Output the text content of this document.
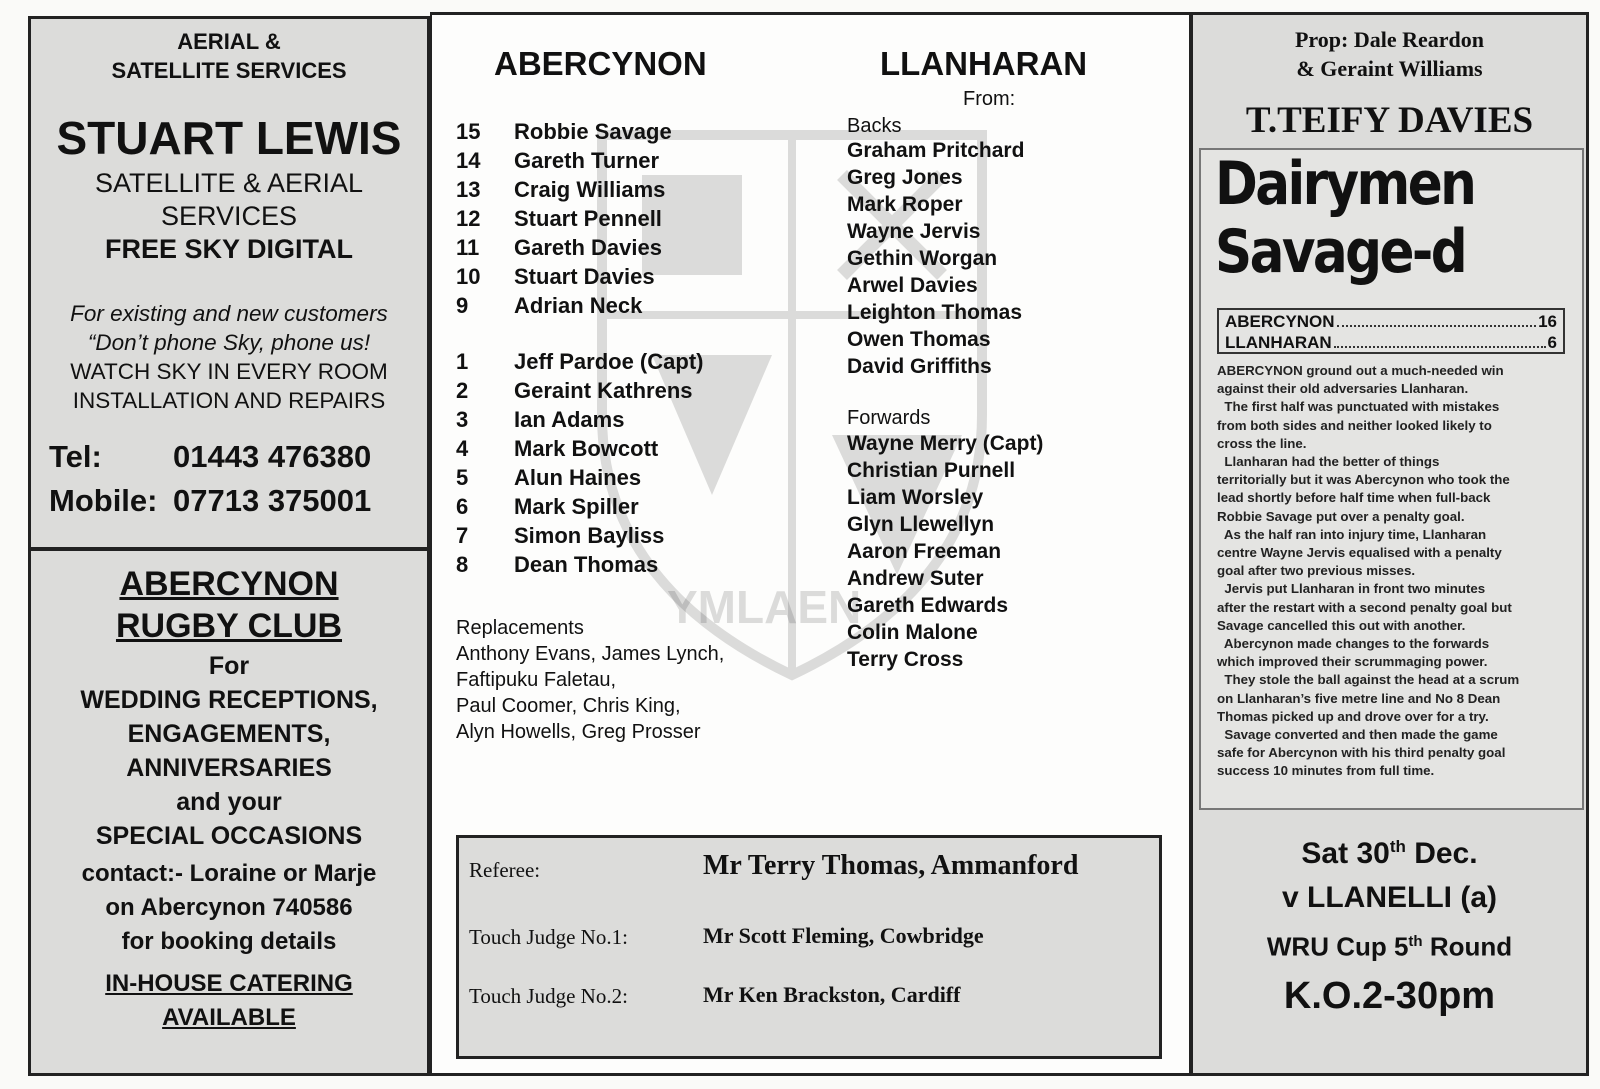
AERIAL &
SATELLITE SERVICES
STUART LEWIS
SATELLITE & AERIAL
SERVICES
FREE SKY DIGITAL
For existing and new customers
“Don’t phone Sky, phone us!
WATCH SKY IN EVERY ROOM
INSTALLATION AND REPAIRS
Tel: 01443 476380
Mobile: 07713 375001
ABERCYNON
RUGBY CLUB
For
WEDDING RECEPTIONS,
ENGAGEMENTS,
ANNIVERSARIES
and your
SPECIAL OCCASIONS
contact:- Loraine or Marje
on Abercynon 740586
for booking details
IN-HOUSE CATERING
AVAILABLE
YMLAEN
ABERCYNON	LLANHARAN
From:
15 Robbie Savage
14 Gareth Turner
13 Craig Williams
12 Stuart Pennell
11 Gareth Davies
10 Stuart Davies
9 Adrian Neck
1 Jeff Pardoe (Capt)
2 Geraint Kathrens
3 Ian Adams
4 Mark Bowcott
5 Alun Haines
6 Mark Spiller
7 Simon Bayliss
8 Dean Thomas
Replacements
Anthony Evans, James Lynch,
Faftipuku Faletau,
Paul Coomer, Chris King,
Alyn Howells, Greg Prosser
Backs
Graham Pritchard
Greg Jones
Mark Roper
Wayne Jervis
Gethin Worgan
Arwel Davies
Leighton Thomas
Owen Thomas
David Griffiths
Forwards
Wayne Merry (Capt)
Christian Purnell
Liam Worsley
Glyn Llewellyn
Aaron Freeman
Andrew Suter
Gareth Edwards
Colin Malone
Terry Cross
Referee:	Mr Terry Thomas, Ammanford
Touch Judge No.1:	Mr Scott Fleming, Cowbridge
Touch Judge No.2:	Mr Ken Brackston, Cardiff
Prop: Dale Reardon
& Geraint Williams
T.TEIFY DAVIES
Dairymen
Savage-d
ABERCYNON	16
LLANHARAN	6
ABERCYNON ground out a much-needed win
against their old adversaries Llanharan.
The first half was punctuated with mistakes
from both sides and neither looked likely to
cross the line.
Llanharan had the better of things
territorially but it was Abercynon who took the
lead shortly before half time when full-back
Robbie Savage put over a penalty goal.
As the half ran into injury time, Llanharan
centre Wayne Jervis equalised with a penalty
goal after two previous misses.
Jervis put Llanharan in front two minutes
after the restart with a second penalty goal but
Savage cancelled this out with another.
Abercynon made changes to the forwards
which improved their scrummaging power.
They stole the ball against the head at a scrum
on Llanharan’s five metre line and No 8 Dean
Thomas picked up and drove over for a try.
Savage converted and then made the game
safe for Abercynon with his third penalty goal
success 10 minutes from full time.
Sat 30th Dec.
v LLANELLI (a)
WRU Cup 5th Round
K.O.2-30pm
